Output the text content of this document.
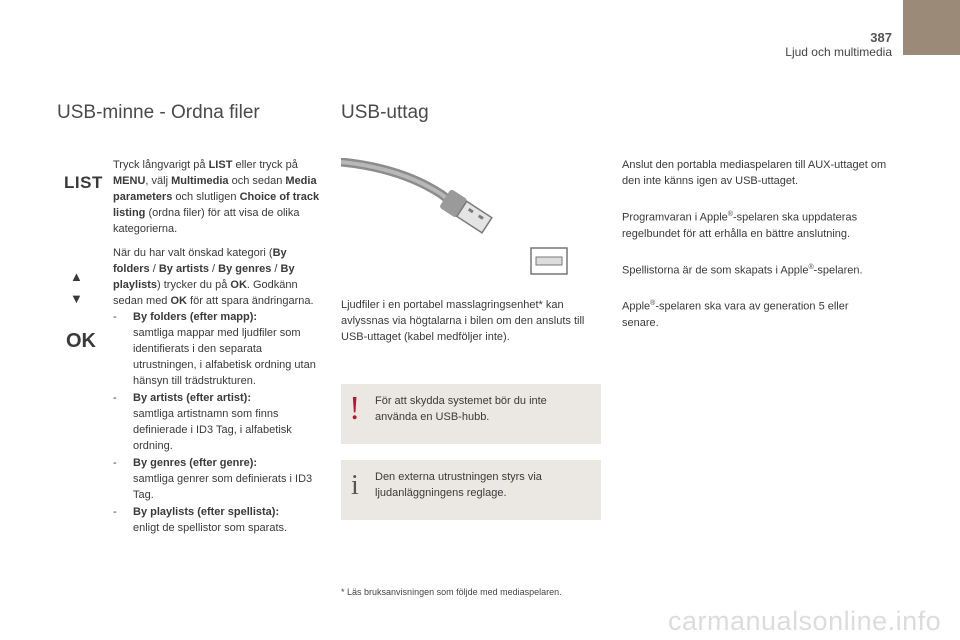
387
Ljud och multimedia
USB-minne - Ordna filer
LIST
▲
▼
OK

Tryck långvarigt på LIST eller tryck på MENU, välj Multimedia och sedan Media parameters och slutligen Choice of track listing (ordna filer) för att visa de olika kategorierna.

När du har valt önskad kategori (By folders / By artists / By genres / By playlists) trycker du på OK. Godkänn sedan med OK för att spara ändringarna.

- By folders (efter mapp):
samtliga mappar med ljudfiler som identifierats i den separata utrustningen, i alfabetisk ordning utan hänsyn till trädstrukturen.
- By artists (efter artist):
samtliga artistnamn som finns definierade i ID3 Tag, i alfabetisk ordning.
- By genres (efter genre):
samtliga genrer som definierats i ID3 Tag.
- By playlists (efter spellista):
enligt de spellistor som sparats.
USB-uttag

Ljudfiler i en portabel masslagringsenhet* kan avlyssnas via högtalarna i bilen om den ansluts till USB-uttaget (kabel medföljer inte).

! För att skydda systemet bör du inte använda en USB-hubb.

i Den externa utrustningen styrs via ljudanläggningens reglage.

* Läs bruksanvisningen som följde med mediaspelaren.

Anslut den portabla mediaspelaren till AUX-uttaget om den inte känns igen av USB-uttaget.

Programvaran i Apple®-spelaren ska uppdateras regelbundet för att erhålla en bättre anslutning.

Spellistorna är de som skapats i Apple®-spelaren.

Apple®-spelaren ska vara av generation 5 eller senare.

carmanualsonline.info
